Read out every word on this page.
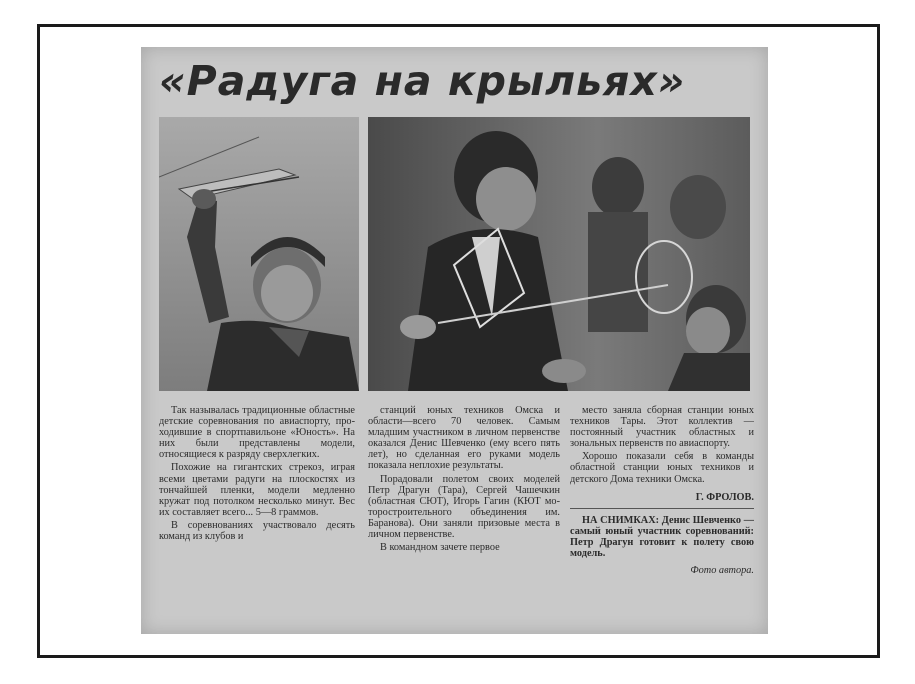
«Радуга на крыльях»

Так называлась традиционные областные детские соревнования по авиаспорту, проходившие в спортпавильоне «Юность». На них были представлены модели, относящиеся к разряду сверхлегких.

Похожие на гигантских стрекоз, играя всеми цветами радуги на плоскостях из тончайшей пленки, модели медленно кружат под потолком несколько минут. Вес их составляет всего... 5—8 граммов.

В соревнованиях участвовало десять команд из клубов и

станций юных техников Омска и области—всего 70 человек. Самым младшим участником в личном первенстве оказался Денис Шевченко (ему всего пять лет), но сделанная его руками модель показала неплохие результаты.

Порадовали полетом своих моделей Петр Драгун (Тара), Сергей Чашечкин (областная СЮТ), Игорь Гагин (КЮТ моторостроительного объединения им. Баранова). Они заняли призовые места в личном первенстве.

В командном зачете первое

место заняла сборная станции юных техников Тары. Этот коллектив — постоянный участник областных и зональных первенств по авиаспорту.

Хорошо показали себя в команды областной станции юных техников и детского Дома техники Омска.

Г. ФРОЛОВ.

НА СНИМКАХ: Денис Шевченко — самый юный участник соревнований: Петр Драгун готовит к полету свою модель.

Фото автора.
